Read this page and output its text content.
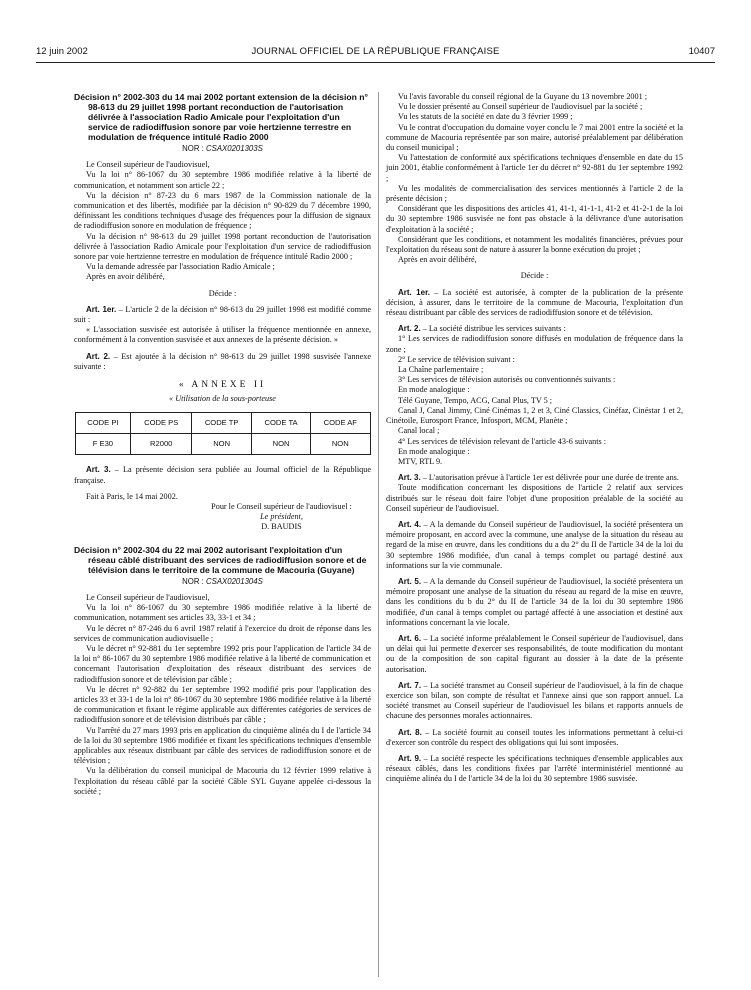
12 juin 2002	JOURNAL OFFICIEL DE LA RÉPUBLIQUE FRANÇAISE	10407

Décision n° 2002-303 du 14 mai 2002 portant extension de la décision n° 98-613 du 29 juillet 1998 portant reconduction de l'autorisation délivrée à l'association Radio Amicale pour l'exploitation d'un service de radiodiffusion sonore par voie hertzienne terrestre en modulation de fréquence intitulé Radio 2000

NOR : CSAX0201303S

Le Conseil supérieur de l'audiovisuel,

Vu la loi n° 86-1067 du 30 septembre 1986 modifiée relative à la liberté de communication, et notamment son article 22 ;

Vu la décision n° 87-23 du 6 mars 1987 de la Commission nationale de la communication et des libertés, modifiée par la décision n° 90-829 du 7 décembre 1990, définissant les conditions techniques d'usage des fréquences pour la diffusion de signaux de radiodiffusion sonore en modulation de fréquence ;

Vu la décision n° 98-613 du 29 juillet 1998 portant reconduction de l'autorisation délivrée à l'association Radio Amicale pour l'exploitation d'un service de radiodiffusion sonore par voie hertzienne terrestre en modulation de fréquence intitulé Radio 2000 ;

Vu la demande adressée par l'association Radio Amicale ;

Après en avoir délibéré,

Décide :

Art. 1er. – L'article 2 de la décision n° 98-613 du 29 juillet 1998 est modifié comme suit :

« L'association susvisée est autorisée à utiliser la fréquence mentionnée en annexe, conformément à la convention susvisée et aux annexes de la présente décision. »

Art. 2. – Est ajoutée à la décision n° 98-613 du 29 juillet 1998 susvisée l'annexe suivante :

« ANNEXE II

« Utilisation de la sous-porteuse

CODE PI	CODE PS	CODE TP	CODE TA	CODE AF
F E30	R2000	NON	NON	NON

Art. 3. – La présente décision sera publiée au Journal officiel de la République française.

Fait à Paris, le 14 mai 2002.

Pour le Conseil supérieur de l'audiovisuel :

Le président,

D. BAUDIS

Décision n° 2002-304 du 22 mai 2002 autorisant l'exploitation d'un réseau câblé distribuant des services de radiodiffusion sonore et de télévision dans le territoire de la commune de Macouria (Guyane)

NOR : CSAX0201304S

Le Conseil supérieur de l'audiovisuel,

Vu la loi n° 86-1067 du 30 septembre 1986 modifiée relative à la liberté de communication, notamment ses articles 33, 33-1 et 34 ;

Vu le décret n° 87-246 du 6 avril 1987 relatif à l'exercice du droit de réponse dans les services de communication audiovisuelle ;

Vu le décret n° 92-881 du 1er septembre 1992 pris pour l'application de l'article 34 de la loi n° 86-1067 du 30 septembre 1986 modifiée relative à la liberté de communication et concernant l'autorisation d'exploitation des réseaux distribuant des services de radiodiffusion sonore et de télévision par câble ;

Vu le décret n° 92-882 du 1er septembre 1992 modifié pris pour l'application des articles 33 et 33-1 de la loi n° 86-1067 du 30 septembre 1986 modifiée relative à la liberté de communication et fixant le régime applicable aux différentes catégories de services de radiodiffusion sonore et de télévision distribués par câble ;

Vu l'arrêté du 27 mars 1993 pris en application du cinquième alinéa du I de l'article 34 de la loi du 30 septembre 1986 modifiée et fixant les spécifications techniques d'ensemble applicables aux réseaux distribuant par câble des services de radiodiffusion sonore et de télévision ;

Vu la délibération du conseil municipal de Macouria du 12 février 1999 relative à l'exploitation du réseau câblé par la société Câble SYL Guyane appelée ci-dessous la société ;

Vu l'avis favorable du conseil régional de la Guyane du 13 novembre 2001 ;

Vu le dossier présenté au Conseil supérieur de l'audiovisuel par la société ;

Vu les statuts de la société en date du 3 février 1999 ;

Vu le contrat d'occupation du domaine voyer conclu le 7 mai 2001 entre la société et la commune de Macouria représentée par son maire, autorisé préalablement par délibération du conseil municipal ;

Vu l'attestation de conformité aux spécifications techniques d'ensemble en date du 15 juin 2001, établie conformément à l'article 1er du décret n° 92-881 du 1er septembre 1992 ;

Vu les modalités de commercialisation des services mentionnés à l'article 2 de la présente décision ;

Considérant que les dispositions des articles 41, 41-1, 41-1-1, 41-2 et 41-2-1 de la loi du 30 septembre 1986 susvisée ne font pas obstacle à la délivrance d'une autorisation d'exploitation à la société ;

Considérant que les conditions, et notamment les modalités financières, prévues pour l'exploitation du réseau sont de nature à assurer la bonne exécution du projet ;

Après en avoir délibéré,

Décide :

Art. 1er. – La société est autorisée, à compter de la publication de la présente décision, à assurer, dans le territoire de la commune de Macouria, l'exploitation d'un réseau distribuant par câble des services de radiodiffusion sonore et de télévision.

Art. 2. – La société distribue les services suivants :

1° Les services de radiodiffusion sonore diffusés en modulation de fréquence dans la zone ;

2° Le service de télévision suivant :

La Chaîne parlementaire ;

3° Les services de télévision autorisés ou conventionnés suivants :

En mode analogique :

Télé Guyane, Tempo, ACG, Canal Plus, TV 5 ;

Canal J, Canal Jimmy, Ciné Cinémas 1, 2 et 3, Ciné Classics, Cinéfaz, Cinéstar 1 et 2, Cinétoile, Eurosport France, Infosport, MCM, Planète ;

Canal local ;

4° Les services de télévision relevant de l'article 43-6 suivants :

En mode analogique :

MTV, RTL 9.

Art. 3. – L'autorisation prévue à l'article 1er est délivrée pour une durée de trente ans.

Toute modification concernant les dispositions de l'article 2 relatif aux services distribués sur le réseau doit faire l'objet d'une proposition préalable de la société au Conseil supérieur de l'audiovisuel.

Art. 4. – A la demande du Conseil supérieur de l'audiovisuel, la société présentera un mémoire proposant, en accord avec la commune, une analyse de la situation du réseau au regard de la mise en œuvre, dans les conditions du a du 2° du II de l'article 34 de la loi du 30 septembre 1986 modifiée, d'un canal à temps complet ou partagé destiné aux informations sur la vie communale.

Art. 5. – A la demande du Conseil supérieur de l'audiovisuel, la société présentera un mémoire proposant une analyse de la situation du réseau au regard de la mise en œuvre, dans les conditions du b du 2° du II de l'article 34 de la loi du 30 septembre 1986 modifiée, d'un canal à temps complet ou partagé affecté à une association et destiné aux informations concernant la vie locale.

Art. 6. – La société informe préalablement le Conseil supérieur de l'audiovisuel, dans un délai qui lui permette d'exercer ses responsabilités, de toute modification du montant ou de la composition de son capital figurant au dossier à la date de la présente autorisation.

Art. 7. – La société transmet au Conseil supérieur de l'audiovisuel, à la fin de chaque exercice son bilan, son compte de résultat et l'annexe ainsi que son rapport annuel. La société transmet au Conseil supérieur de l'audiovisuel les bilans et rapports annuels de chacune des personnes morales actionnaires.

Art. 8. – La société fournit au conseil toutes les informations permettant à celui-ci d'exercer son contrôle du respect des obligations qui lui sont imposées.

Art. 9. – La société respecte les spécifications techniques d'ensemble applicables aux réseaux câblés, dans les conditions fixées par l'arrêté interministériel mentionné au cinquième alinéa du I de l'article 34 de la loi du 30 septembre 1986 susvisée.
